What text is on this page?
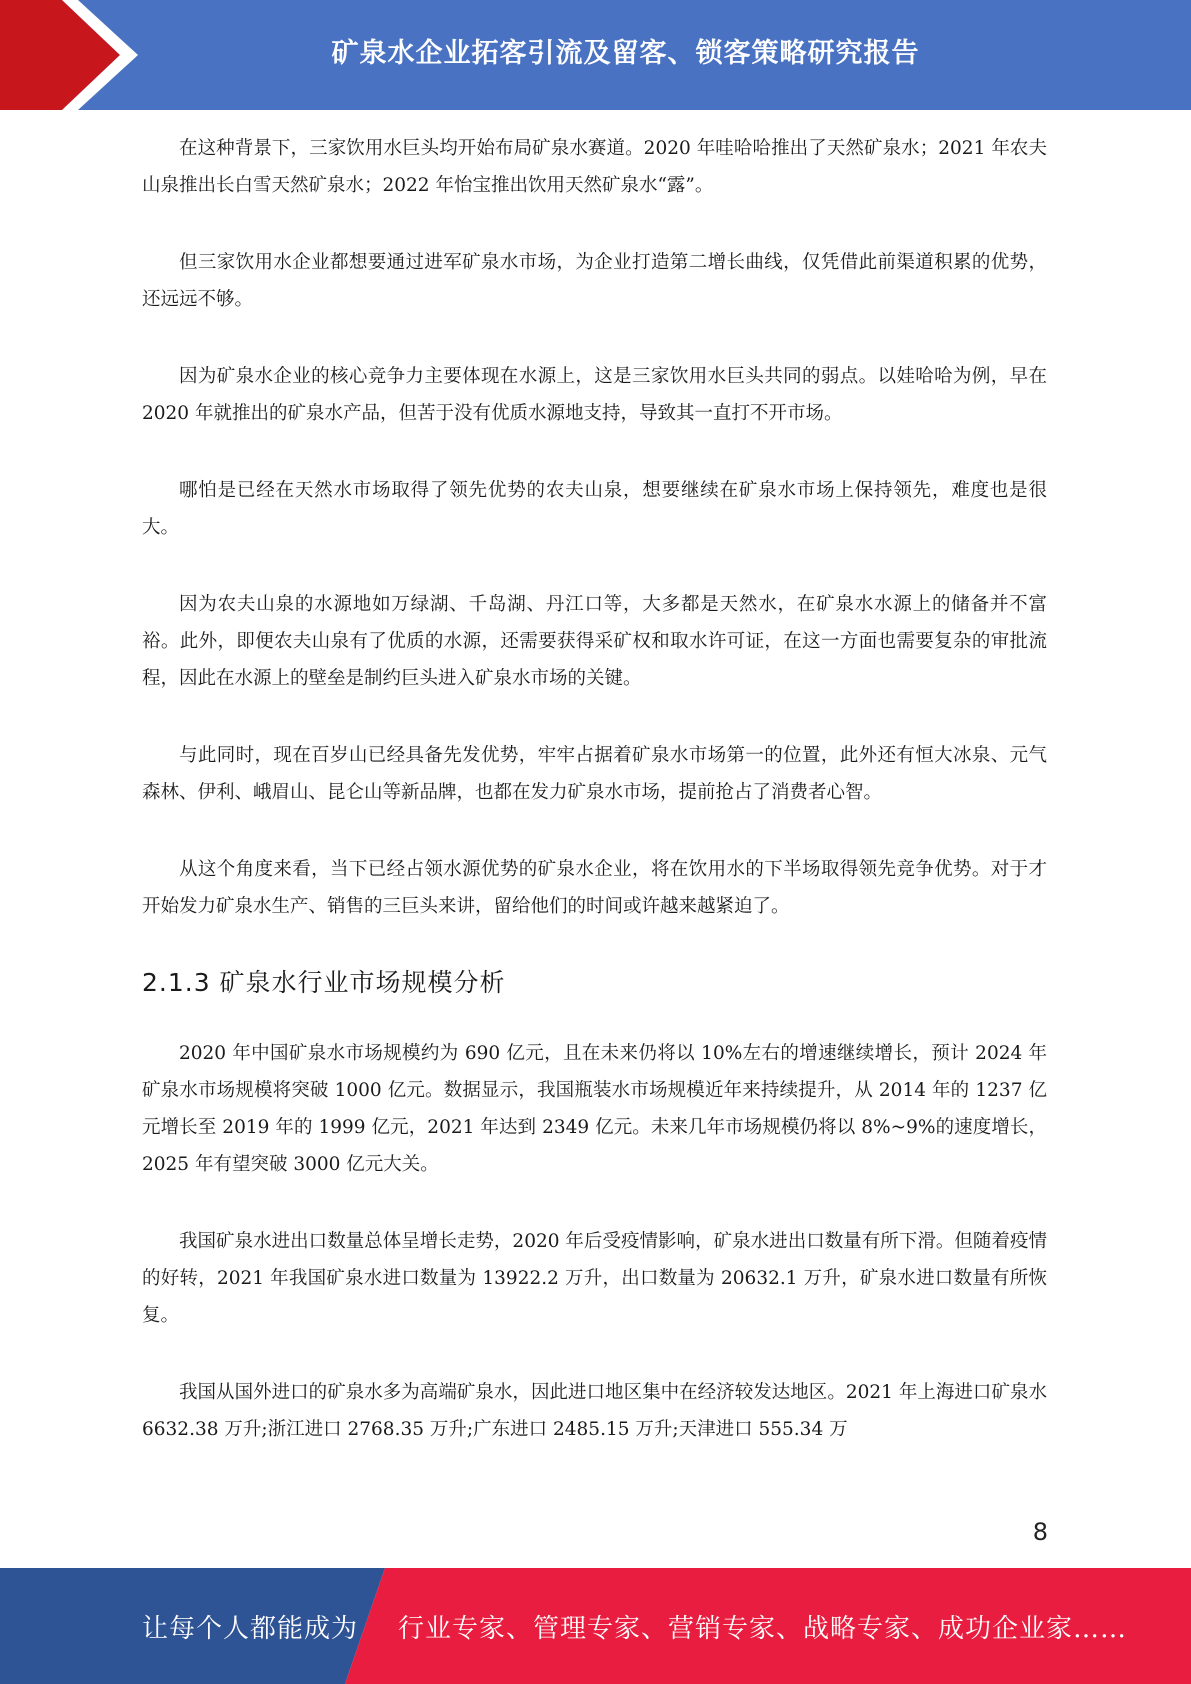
矿泉水企业拓客引流及留客、锁客策略研究报告

在这种背景下，三家饮用水巨头均开始布局矿泉水赛道。2020 年哇哈哈推出了天然矿泉水；2021 年农夫山泉推出长白雪天然矿泉水；2022 年怡宝推出饮用天然矿泉水“露”。

但三家饮用水企业都想要通过进军矿泉水市场，为企业打造第二增长曲线，仅凭借此前渠道积累的优势，还远远不够。

因为矿泉水企业的核心竞争力主要体现在水源上，这是三家饮用水巨头共同的弱点。以娃哈哈为例，早在 2020 年就推出的矿泉水产品，但苦于没有优质水源地支持，导致其一直打不开市场。

哪怕是已经在天然水市场取得了领先优势的农夫山泉，想要继续在矿泉水市场上保持领先，难度也是很大。

因为农夫山泉的水源地如万绿湖、千岛湖、丹江口等，大多都是天然水，在矿泉水水源上的储备并不富裕。此外，即便农夫山泉有了优质的水源，还需要获得采矿权和取水许可证，在这一方面也需要复杂的审批流程，因此在水源上的壁垒是制约巨头进入矿泉水市场的关键。

与此同时，现在百岁山已经具备先发优势，牢牢占据着矿泉水市场第一的位置，此外还有恒大冰泉、元气森林、伊利、峨眉山、昆仑山等新品牌，也都在发力矿泉水市场，提前抢占了消费者心智。

从这个角度来看，当下已经占领水源优势的矿泉水企业，将在饮用水的下半场取得领先竞争优势。对于才开始发力矿泉水生产、销售的三巨头来讲，留给他们的时间或许越来越紧迫了。

2.1.3 矿泉水行业市场规模分析

2020 年中国矿泉水市场规模约为 690 亿元，且在未来仍将以 10%左右的增速继续增长，预计 2024 年矿泉水市场规模将突破 1000 亿元。数据显示，我国瓶装水市场规模近年来持续提升，从 2014 年的 1237 亿元增长至 2019 年的 1999 亿元，2021 年达到 2349 亿元。未来几年市场规模仍将以 8%~9%的速度增长，2025 年有望突破 3000 亿元大关。

我国矿泉水进出口数量总体呈增长走势，2020 年后受疫情影响，矿泉水进出口数量有所下滑。但随着疫情的好转，2021 年我国矿泉水进口数量为 13922.2 万升，出口数量为 20632.1 万升，矿泉水进口数量有所恢复。

我国从国外进口的矿泉水多为高端矿泉水，因此进口地区集中在经济较发达地区。2021 年上海进口矿泉水 6632.38 万升;浙江进口 2768.35 万升;广东进口 2485.15 万升;天津进口 555.34 万

8
让每个人都能成为 行业专家、管理专家、营销专家、战略专家、成功企业家……
